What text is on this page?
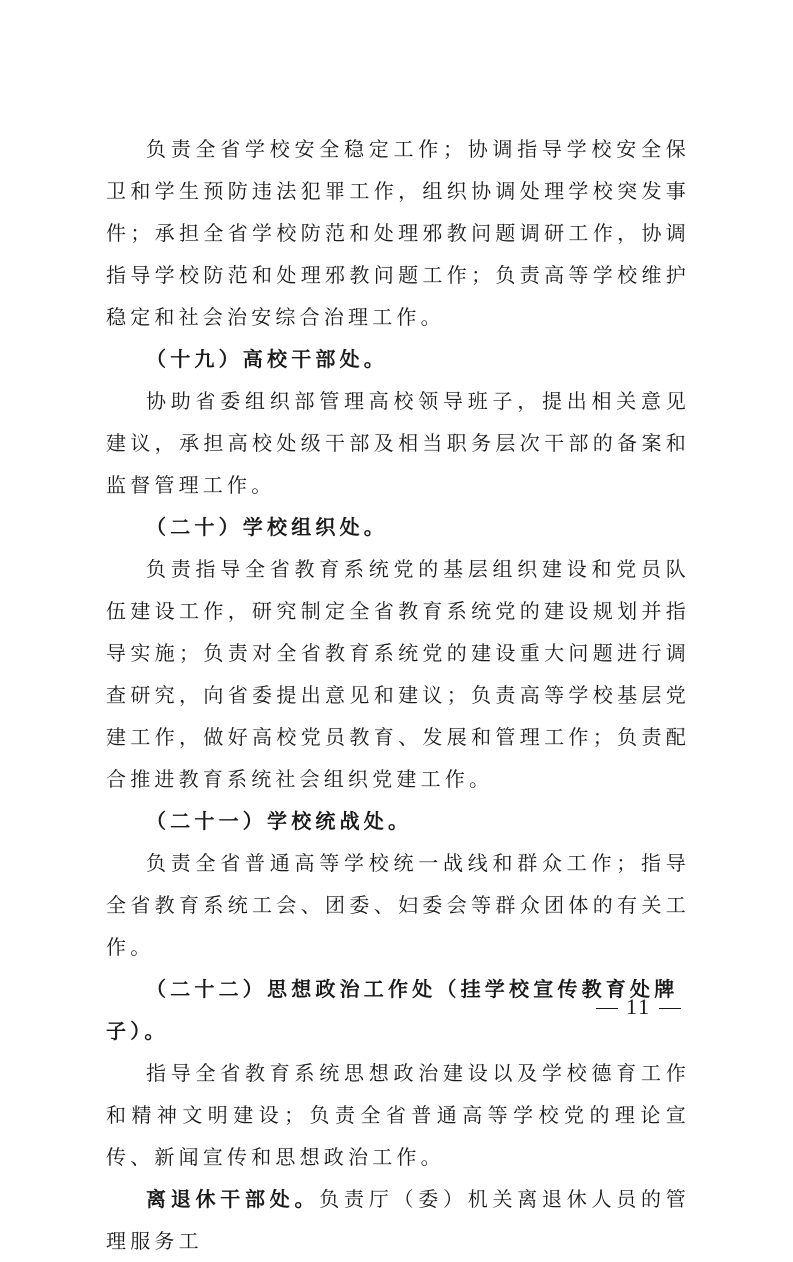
负责全省学校安全稳定工作；协调指导学校安全保卫和学生预防违法犯罪工作，组织协调处理学校突发事件；承担全省学校防范和处理邪教问题调研工作，协调指导学校防范和处理邪教问题工作；负责高等学校维护稳定和社会治安综合治理工作。

（十九）高校干部处。

协助省委组织部管理高校领导班子，提出相关意见建议，承担高校处级干部及相当职务层次干部的备案和监督管理工作。

（二十）学校组织处。

负责指导全省教育系统党的基层组织建设和党员队伍建设工作，研究制定全省教育系统党的建设规划并指导实施；负责对全省教育系统党的建设重大问题进行调查研究，向省委提出意见和建议；负责高等学校基层党建工作，做好高校党员教育、发展和管理工作；负责配合推进教育系统社会组织党建工作。

（二十一）学校统战处。

负责全省普通高等学校统一战线和群众工作；指导全省教育系统工会、团委、妇委会等群众团体的有关工作。

（二十二）思想政治工作处（挂学校宣传教育处牌子）。

指导全省教育系统思想政治建设以及学校德育工作和精神文明建设；负责全省普通高等学校党的理论宣传、新闻宣传和思想政治工作。

离退休干部处。负责厅（委）机关离退休人员的管理服务工

11
